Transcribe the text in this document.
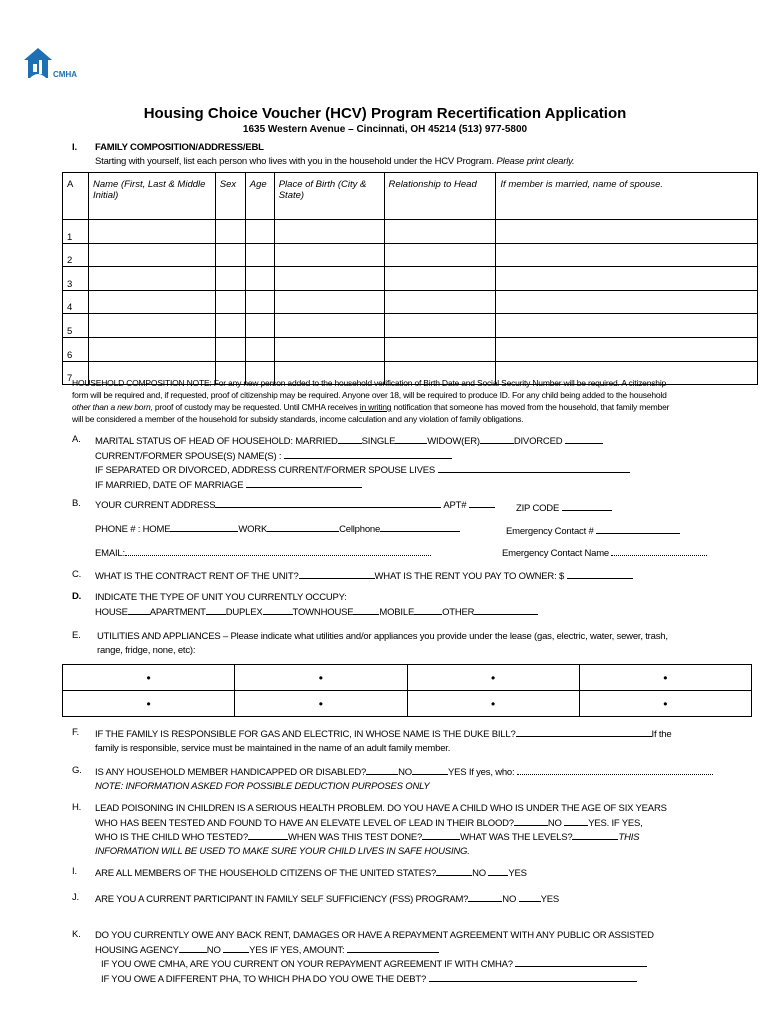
CMHA
Housing Choice Voucher (HCV) Program Recertification Application
1635 Western Avenue – Cincinnati, OH 45214 (513) 977-5800
I. FAMILY COMPOSITION/ADDRESS/EBL
Starting with yourself, list each person who lives with you in the household under the HCV Program. Please print clearly.
A	Name (First, Last & Middle Initial)	Sex	Age	Place of Birth (City & State)	Relationship to Head	If member is married, name of spouse.
1						
2						
3						
4						
5						
6						
7						HOUSEHOLD COMPOSITION NOTE: For any new person added to the household verification of Birth Date and Social Security Number will be required. A citizenship
form will be required and, if requested, proof of citizenship may be required. Anyone over 18, will be required to produce ID. For any child being added to the household
other than a new born, proof of custody may be requested. Until CMHA receives in writing notification that someone has moved from the household, that family member
will be considered a member of the household for subsidy standards, income calculation and any violation of family obligations.
A. MARITAL STATUS OF HEAD OF HOUSEHOLD: MARRIED	SINGLE	WIDOW(ER)	DIVORCED
CURRENT/FORMER SPOUSE(S) NAME(S) :
IF SEPARATED OR DIVORCED, ADDRESS CURRENT/FORMER SPOUSE LIVES
IF MARRIED, DATE OF MARRIAGE
B. YOUR CURRENT ADDRESS	APT#	ZIP CODE
PHONE # : HOME	WORK	Cellphone	Emergency Contact #
EMAIL:	Emergency Contact Name
C. WHAT IS THE CONTRACT RENT OF THE UNIT?	WHAT IS THE RENT YOU PAY TO OWNER: $
D. INDICATE THE TYPE OF UNIT YOU CURRENTLY OCCUPY:
HOUSE APARTMENT DUPLEX	TOWNHOUSE	MOBILE	OTHER
E. UTILITIES AND APPLIANCES – Please indicate what utilities and/or appliances you provide under the lease (gas, electric, water, sewer, trash,
range, fridge, none, etc):
•	•	•	•
•	•	•	•
F. IF THE FAMILY IS RESPONSIBLE FOR GAS AND ELECTRIC, IN WHOSE NAME IS THE DUKE BILL?	If the
family is responsible, service must be maintained in the name of an adult family member.
G. IS ANY HOUSEHOLD MEMBER HANDICAPPED OR DISABLED?	NO	YES If yes, who:
NOTE: INFORMATION ASKED FOR POSSIBLE DEDUCTION PURPOSES ONLY
H. LEAD POISONING IN CHILDREN IS A SERIOUS HEALTH PROBLEM. DO YOU HAVE A CHILD WHO IS UNDER THE AGE OF SIX YEARS
WHO HAS BEEN TESTED AND FOUND TO HAVE AN ELEVATE LEVEL OF LEAD IN THEIR BLOOD?	NO	YES. IF YES,
WHO IS THE CHILD WHO TESTED?	WHEN WAS THIS TEST DONE?	WHAT WAS THE LEVELS?	THIS
INFORMATION WILL BE USED TO MAKE SURE YOUR CHILD LIVES IN SAFE HOUSING.
I. ARE ALL MEMBERS OF THE HOUSEHOLD CITIZENS OF THE UNITED STATES?	NO YES
J. ARE YOU A CURRENT PARTICIPANT IN FAMILY SELF SUFFICIENCY (FSS) PROGRAM?	NO	YES
K. DO YOU CURRENTLY OWE ANY BACK RENT, DAMAGES OR HAVE A REPAYMENT AGREEMENT WITH ANY PUBLIC OR ASSISTED
HOUSING AGENCY	NO	YES IF YES, AMOUNT:
IF YOU OWE CMHA, ARE YOU CURRENT ON YOUR REPAYMENT AGREEMENT IF WITH CMHA?
IF YOU OWE A DIFFERENT PHA, TO WHICH PHA DO YOU OWE THE DEBT?
